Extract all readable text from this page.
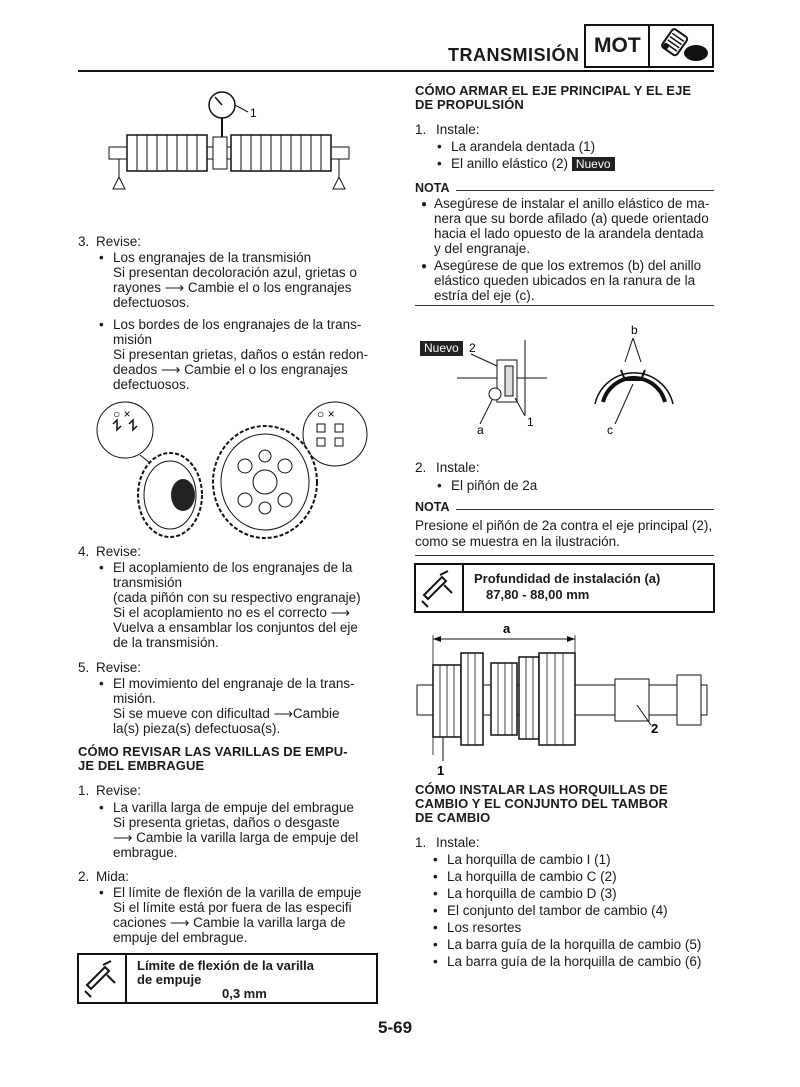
TRANSMISIÓN MOT
1
3. Revise:
• Los engranajes de la transmisión
Si presentan decoloración azul, grietas o
rayones ⟶ Cambie el o los engranajes
defectuosos.
• Los bordes de los engranajes de la trans-
misión
Si presentan grietas, daños o están redon-
deados ⟶ Cambie el o los engranajes
defectuosos.
○ ×	○ ×
4. Revise:
• El acoplamiento de los engranajes de la
transmisión
(cada piñón con su respectivo engranaje)
Si el acoplamiento no es el correcto ⟶
Vuelva a ensamblar los conjuntos del eje
de la transmisión.
5. Revise:
• El movimiento del engranaje de la trans-
misión.
Si se mueve con dificultad ⟶Cambie
la(s) pieza(s) defectuosa(s).
CÓMO REVISAR LAS VARILLAS DE EMPU-
JE DEL EMBRAGUE
1. Revise:
• La varilla larga de empuje del embrague
Si presenta grietas, daños o desgaste
⟶ Cambie la varilla larga de empuje del
embrague.
2. Mida:
• El límite de flexión de la varilla de empuje
Si el límite está por fuera de las especifi
caciones ⟶ Cambie la varilla larga de
empuje del embrague.
Límite de flexión de la varilla
de empuje
0,3 mm
CÓMO ARMAR EL EJE PRINCIPAL Y EL EJE
DE PROPULSIÓN
1. Instale:
• La arandela dentada (1)
• El anillo elástico (2) Nuevo
NOTA
● Asegúrese de instalar el anillo elástico de ma-
nera que su borde afilado (a) quede orientado
hacia el lado opuesto de la arandela dentada
y del engranaje.
● Asegúrese de que los extremos (b) del anillo
elástico queden ubicados en la ranura de la
estría del eje (c).
Nuevo 2
a
1
b
c
2. Instale:
• El piñón de 2a
NOTA
Presione el piñón de 2a contra el eje principal (2),
como se muestra en la ilustración.
Profundidad de instalación (a)
87,80 - 88,00 mm
a
2
1
CÓMO INSTALAR LAS HORQUILLAS DE
CAMBIO Y EL CONJUNTO DEL TAMBOR
DE CAMBIO
1. Instale:
• La horquilla de cambio I (1)
• La horquilla de cambio C (2)
• La horquilla de cambio D (3)
• El conjunto del tambor de cambio (4)
• Los resortes
• La barra guía de la horquilla de cambio (5)
• La barra guía de la horquilla de cambio (6)
5-69
